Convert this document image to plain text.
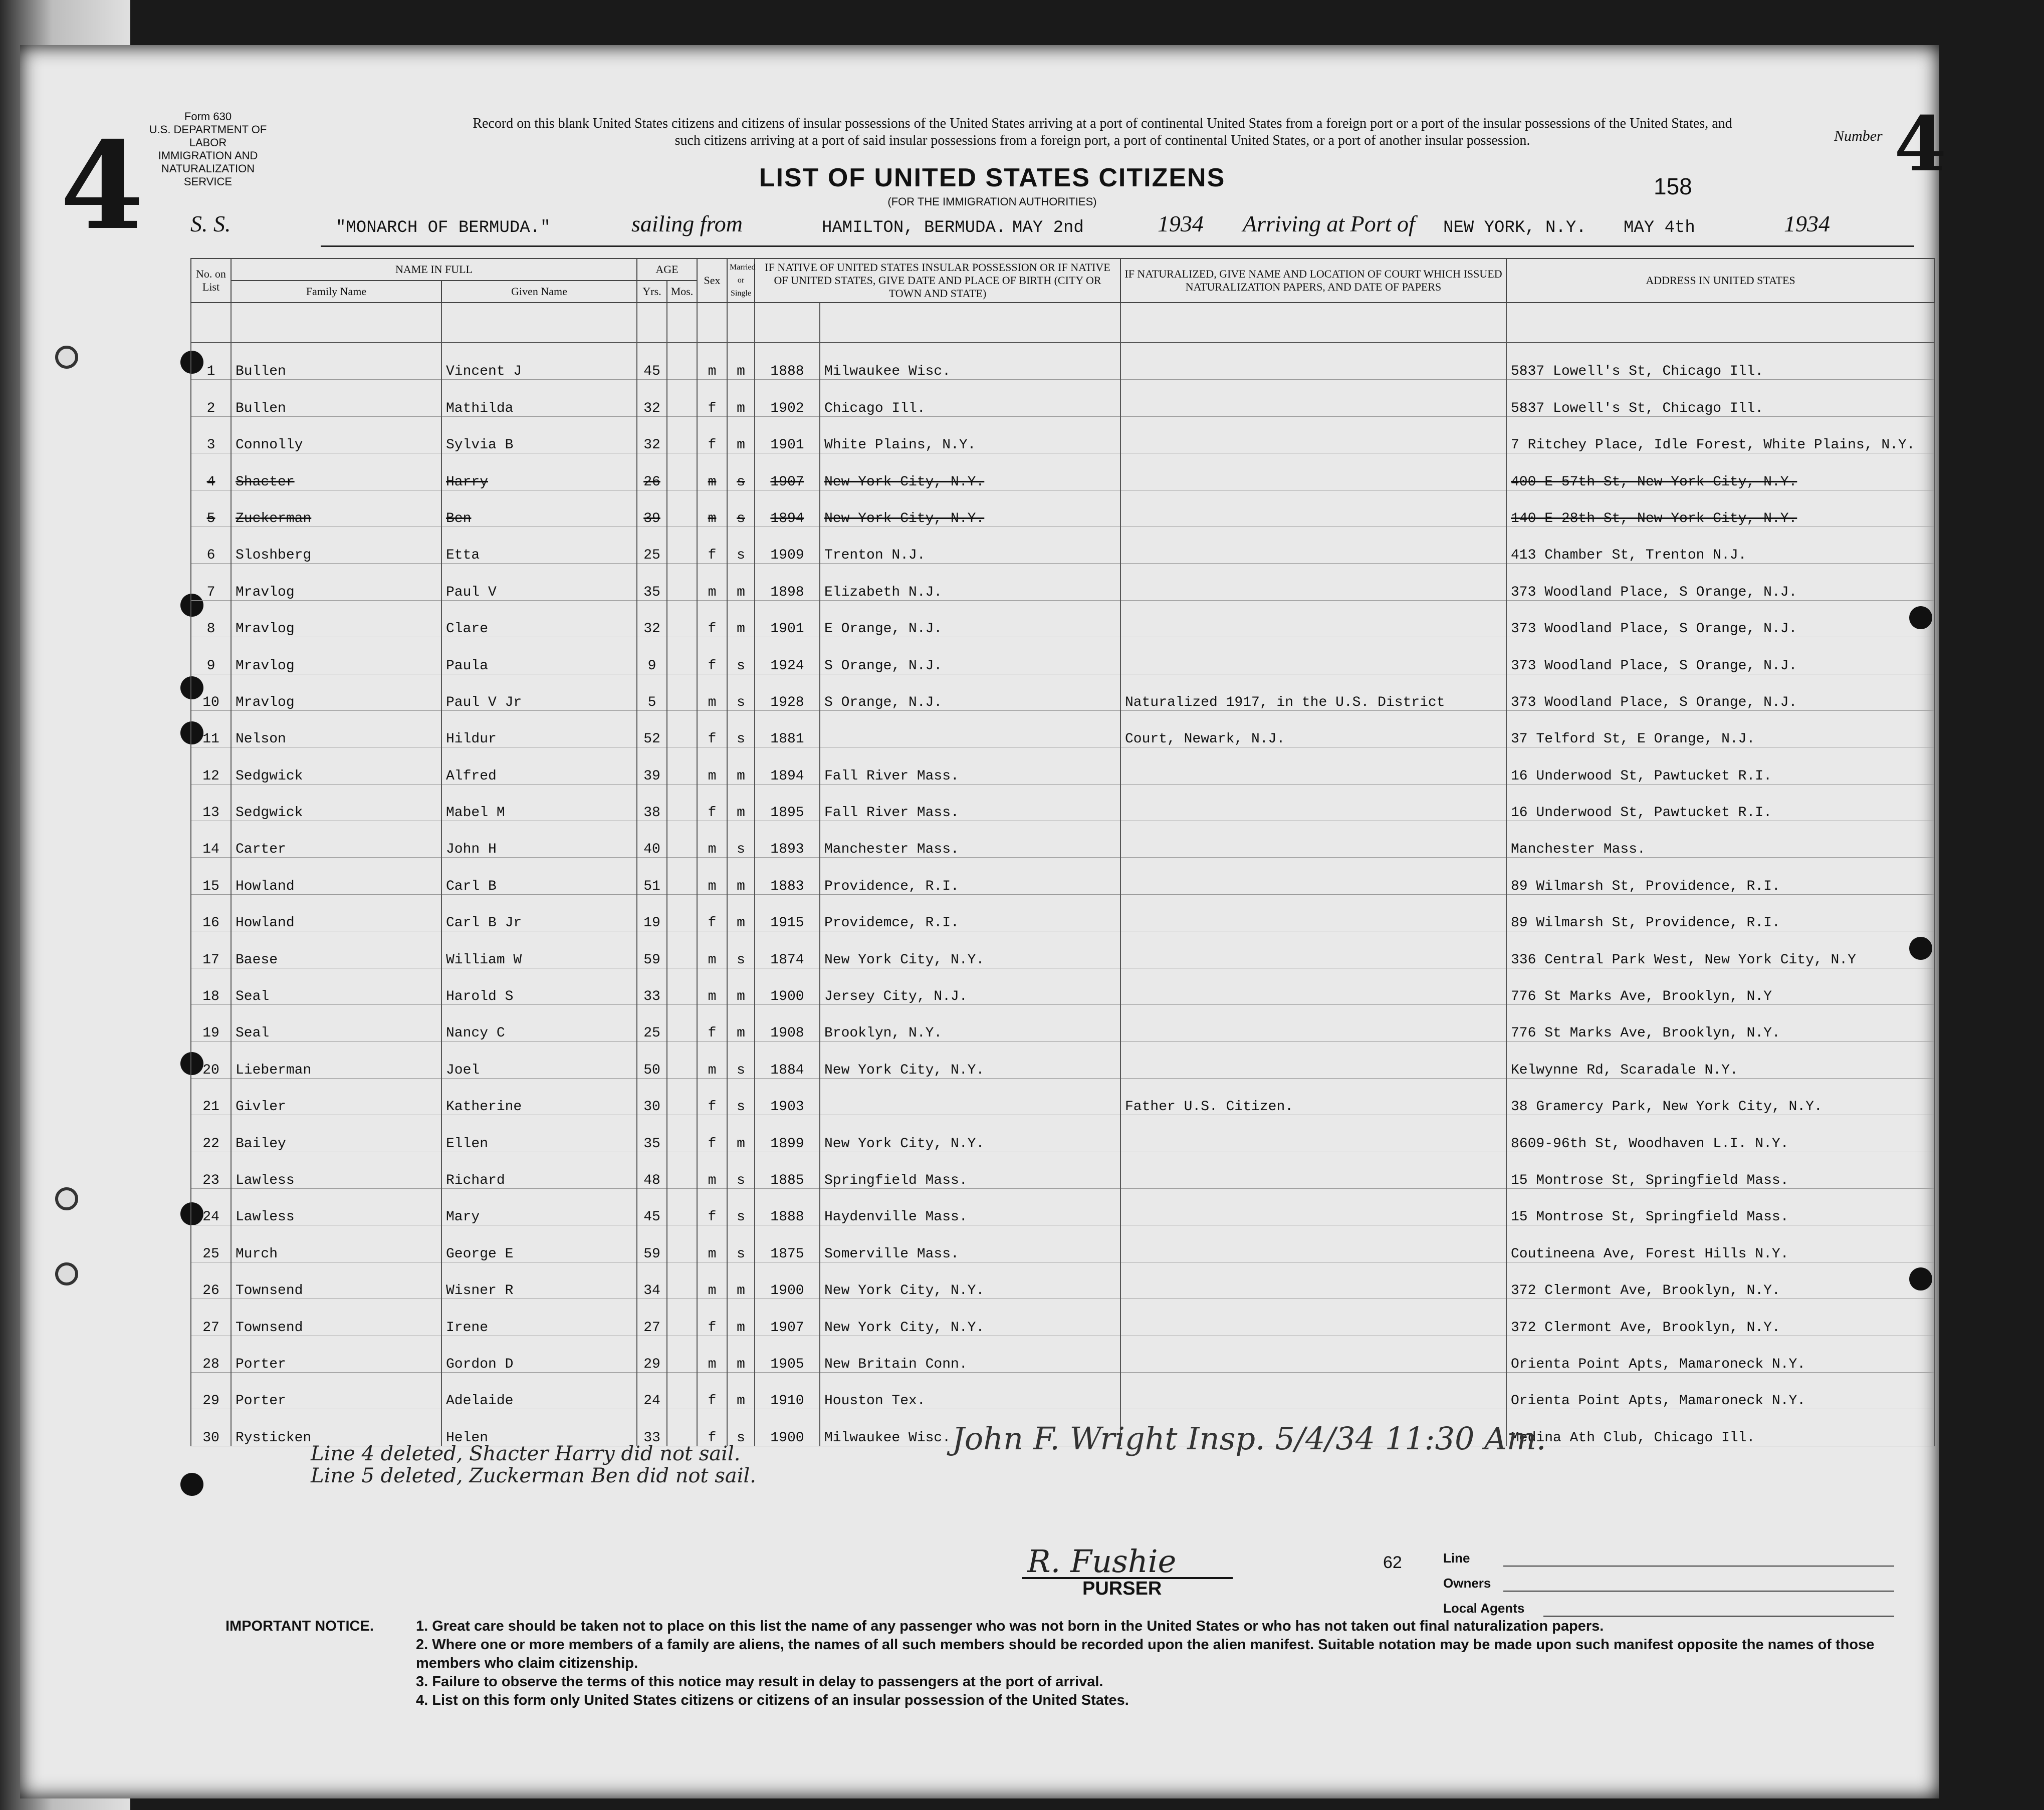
Form 630
U.S. DEPARTMENT OF LABOR
IMMIGRATION AND NATURALIZATION SERVICE
Record on this blank United States citizens and citizens of insular possessions of the United States arriving at a port of continental United States from a foreign port or a port of the insular possessions of the United States, and such citizens arriving at a port of said insular possessions from a foreign port, a port of continental United States, or a port of another insular possession.
LIST OF UNITED STATES CITIZENS
(FOR THE IMMIGRATION AUTHORITIES)
Number 4
158
4 S. S.	"MONARCH OF BERMUDA."	sailing from	HAMILTON, BERMUDA. MAY 2nd	1934 Arriving at Port of NEW YORK, N.Y. MAY 4th	1934
No. on List	NAME IN FULL		AGE		Sex	Married or Single	IF NATIVE OF UNITED STATES INSULAR POSSESSION OR IF NATIVE OF UNITED STATES, GIVE DATE AND PLACE OF BIRTH (CITY OR TOWN AND STATE)		IF NATURALIZED, GIVE NAME AND LOCATION OF COURT WHICH ISSUED NATURALIZATION PAPERS, AND DATE OF PAPERS	ADDRESS IN UNITED STATES
	Family Name	Given Name	Yrs.	Mos.						

1	Bullen	Vincent J	45		m	m	1888	Milwaukee Wisc.		5837 Lowell's St, Chicago Ill.
2	Bullen	Mathilda	32		f	m	1902	Chicago Ill.		5837 Lowell's St, Chicago Ill.
3	Connolly	Sylvia B	32		f	m	1901	White Plains, N.Y.		7 Ritchey Place, Idle Forest, White Plains, N.Y.
4	Shacter	Harry	26		m	s	1907	New York City, N.Y.		400-E-57th St, New York City, N.Y.
5	Zuckerman	Ben	39		m	s	1894	New York City, N.Y.		140-E-28th St, New York City, N.Y.
6	Sloshberg	Etta	25		f	s	1909	Trenton N.J.		413 Chamber St, Trenton N.J.
7	Mravlog	Paul V	35		m	m	1898	Elizabeth N.J.		373 Woodland Place, S Orange, N.J.
8	Mravlog	Clare	32		f	m	1901	E Orange, N.J.		373 Woodland Place, S Orange, N.J.
9	Mravlog	Paula	9		f	s	1924	S Orange, N.J.		373 Woodland Place, S Orange, N.J.
10	Mravlog	Paul V Jr	5		m	s	1928	S Orange, N.J.	Naturalized 1917, in the U.S. District	373 Woodland Place, S Orange, N.J.
11	Nelson	Hildur	52		f	s	1881		Court, Newark, N.J.	37 Telford St, E Orange, N.J.
12	Sedgwick	Alfred	39		m	m	1894	Fall River Mass.		16 Underwood St, Pawtucket R.I.
13	Sedgwick	Mabel M	38		f	m	1895	Fall River Mass.		16 Underwood St, Pawtucket R.I.
14	Carter	John H	40		m	s	1893	Manchester Mass.		Manchester Mass.
15	Howland	Carl B	51		m	m	1883	Providence, R.I.		89 Wilmarsh St, Providence, R.I.
16	Howland	Carl B Jr	19		f	m	1915	Providemce, R.I.		89 Wilmarsh St, Providence, R.I.
17	Baese	William W	59		m	s	1874	New York City, N.Y.		336 Central Park West, New York City, N.Y
18	Seal	Harold S	33		m	m	1900	Jersey City, N.J.		776 St Marks Ave, Brooklyn, N.Y
19	Seal	Nancy C	25		f	m	1908	Brooklyn, N.Y.		776 St Marks Ave, Brooklyn, N.Y.
20	Lieberman	Joel	50		m	s	1884	New York City, N.Y.		Kelwynne Rd, Scaradale N.Y.
21	Givler	Katherine	30		f	s	1903		Father U.S. Citizen.	38 Gramercy Park, New York City, N.Y.
22	Bailey	Ellen	35		f	m	1899	New York City, N.Y.		8609-96th St, Woodhaven L.I. N.Y.
23	Lawless	Richard	48		m	s	1885	Springfield Mass.		15 Montrose St, Springfield Mass.
24	Lawless	Mary	45		f	s	1888	Haydenville Mass.		15 Montrose St, Springfield Mass.
25	Murch	George E	59		m	s	1875	Somerville Mass.		Coutineena Ave, Forest Hills N.Y.
26	Townsend	Wisner R	34		m	m	1900	New York City, N.Y.		372 Clermont Ave, Brooklyn, N.Y.
27	Townsend	Irene	27		f	m	1907	New York City, N.Y.		372 Clermont Ave, Brooklyn, N.Y.
28	Porter	Gordon D	29		m	m	1905	New Britain Conn.		Orienta Point Apts, Mamaroneck N.Y.
29	Porter	Adelaide	24		f	m	1910	Houston Tex.		Orienta Point Apts, Mamaroneck N.Y.
30	Rysticken	Helen	33		f	s	1900	Milwaukee Wisc.		Medina Ath Club, Chicago Ill.
Line 4 deleted, Shacter Harry did not sail.
Line 5 deleted, Zuckerman Ben did not sail.
John F. Wright Insp. 5/4/34 11:30 Am.
R. Fushie
PURSER
62	Line
Owners
Local Agents
IMPORTANT NOTICE.	1. Great care should be taken not to place on this list the name of any passenger who was not born in the United States or who has not taken out final naturalization papers.
2. Where one or more members of a family are aliens, the names of all such members should be recorded upon the alien manifest. Suitable notation may be made upon such manifest opposite the names of those members who claim citizenship.
3. Failure to observe the terms of this notice may result in delay to passengers at the port of arrival.
4. List on this form only United States citizens or citizens of an insular possession of the United States.
